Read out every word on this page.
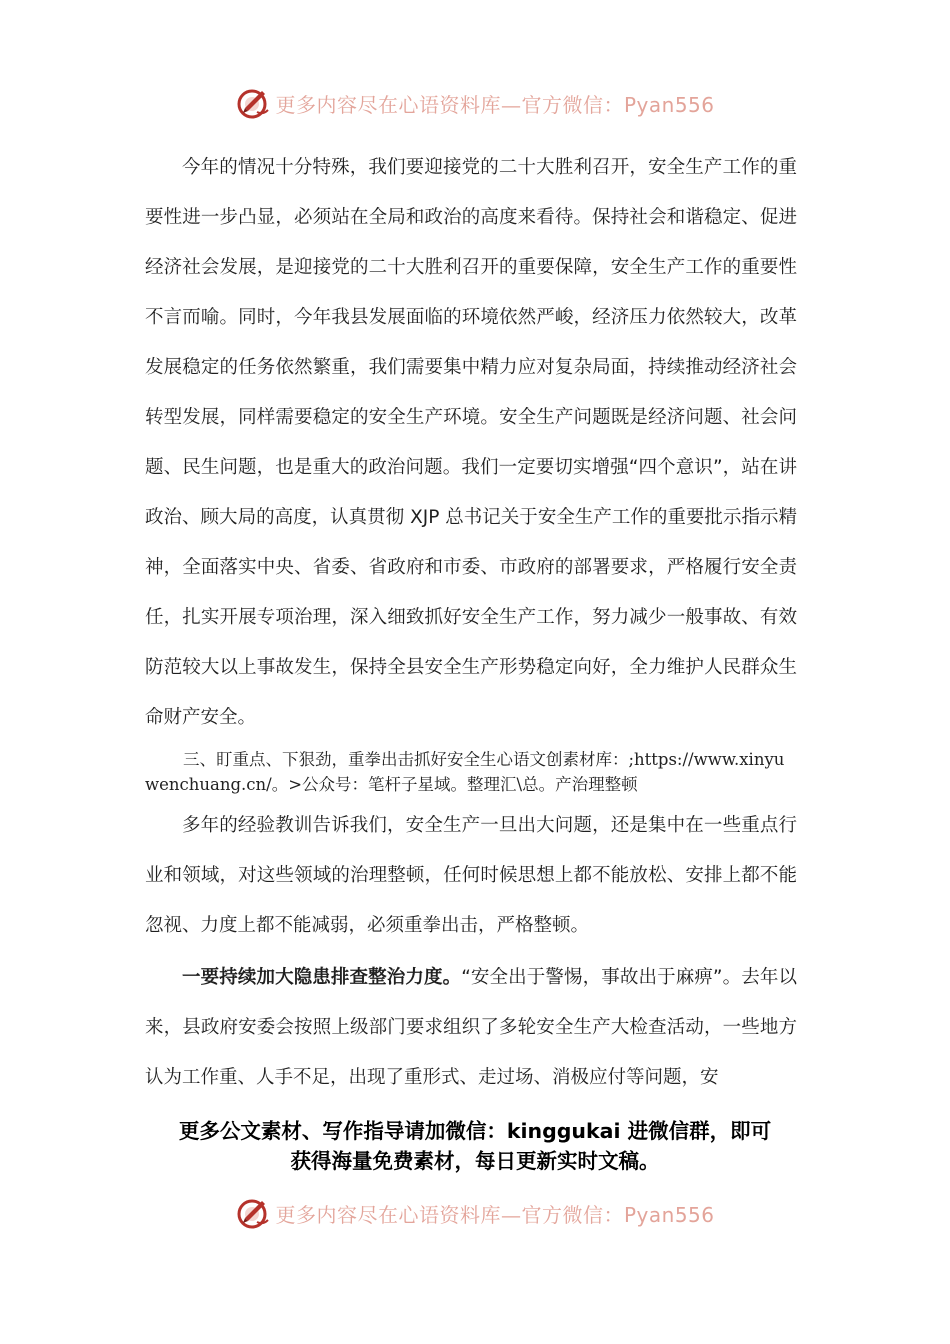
更多内容尽在心语资料库—官方微信：Pyan556

今年的情况十分特殊，我们要迎接党的二十大胜利召开，安全生产工作的重要性进一步凸显，必须站在全局和政治的高度来看待。保持社会和谐稳定、促进经济社会发展，是迎接党的二十大胜利召开的重要保障，安全生产工作的重要性不言而喻。同时，今年我县发展面临的环境依然严峻，经济压力依然较大，改革发展稳定的任务依然繁重，我们需要集中精力应对复杂局面，持续推动经济社会转型发展，同样需要稳定的安全生产环境。安全生产问题既是经济问题、社会问题、民生问题，也是重大的政治问题。我们一定要切实增强“四个意识”，站在讲政治、顾大局的高度，认真贯彻 XJP 总书记关于安全生产工作的重要批示指示精神，全面落实中央、省委、省政府和市委、市政府的部署要求，严格履行安全责任，扎实开展专项治理，深入细致抓好安全生产工作，努力减少一般事故、有效防范较大以上事故发生，保持全县安全生产形势稳定向好，全力维护人民群众生命财产安全。

三、盯重点、下狠劲，重拳出击抓好安全生心语文创素材库：;https://www.xinyuwenchuang.cn/。>公众号：笔杆子星域。整理汇\总。产治理整顿

多年的经验教训告诉我们，安全生产一旦出大问题，还是集中在一些重点行业和领域，对这些领域的治理整顿，任何时候思想上都不能放松、安排上都不能忽视、力度上都不能减弱，必须重拳出击，严格整顿。

一要持续加大隐患排查整治力度。“安全出于警惕，事故出于麻痹”。去年以来，县政府安委会按照上级部门要求组织了多轮安全生产大检查活动，一些地方认为工作重、人手不足，出现了重形式、走过场、消极应付等问题，安

更多公文素材、写作指导请加微信：kinggukai 进微信群，即可
获得海量免费素材，每日更新实时文稿。
更多内容尽在心语资料库—官方微信：Pyan556
